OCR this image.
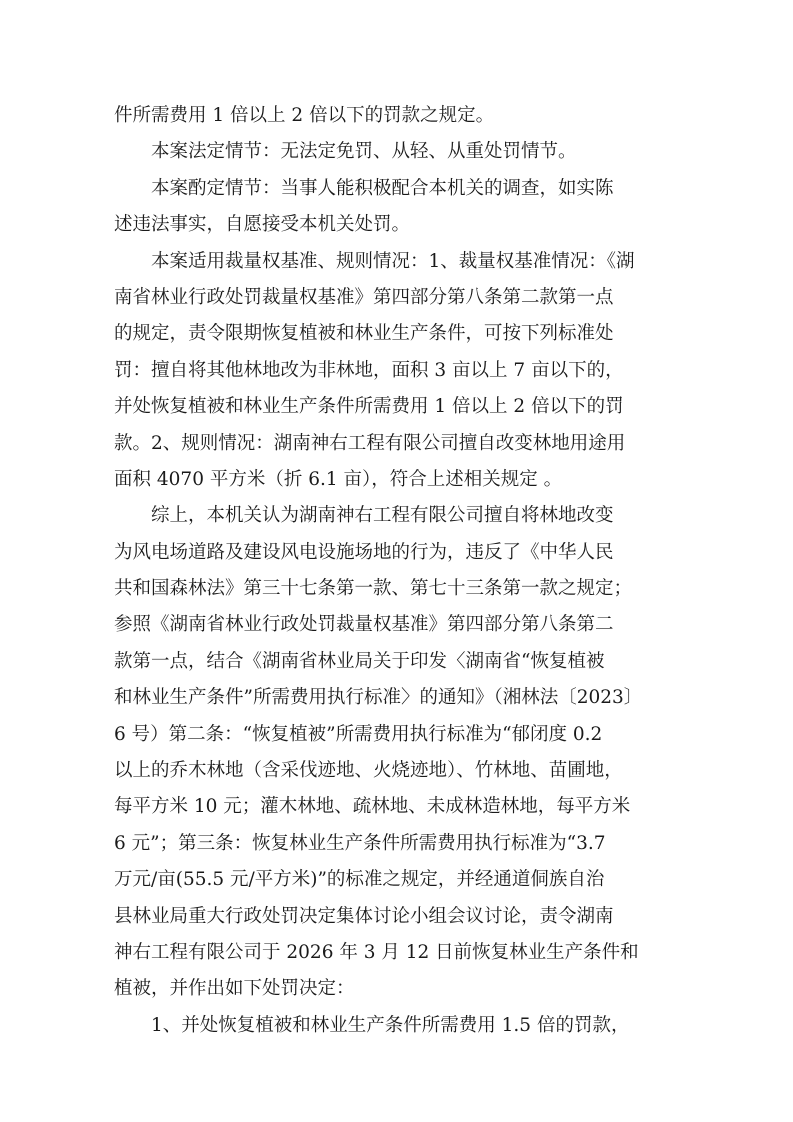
件所需费用 1 倍以上 2 倍以下的罚款之规定。
本案法定情节：无法定免罚、从轻、从重处罚情节。
本案酌定情节：当事人能积极配合本机关的调查，如实陈
述违法事实，自愿接受本机关处罚。
本案适用裁量权基准、规则情况：1、裁量权基准情况：《湖
南省林业行政处罚裁量权基准》第四部分第八条第二款第一点
的规定，责令限期恢复植被和林业生产条件，可按下列标准处
罚：擅自将其他林地改为非林地，面积 3 亩以上 7 亩以下的，
并处恢复植被和林业生产条件所需费用 1 倍以上 2 倍以下的罚
款。2、规则情况：湖南神右工程有限公司擅自改变林地用途用
面积 4070 平方米（折 6.1 亩），符合上述相关规定 。
综上，本机关认为湖南神右工程有限公司擅自将林地改变
为风电场道路及建设风电设施场地的行为，违反了《中华人民
共和国森林法》第三十七条第一款、第七十三条第一款之规定；
参照《湖南省林业行政处罚裁量权基准》第四部分第八条第二
款第一点，结合《湖南省林业局关于印发〈湖南省“恢复植被
和林业生产条件”所需费用执行标准〉的通知》（湘林法〔2023〕
6 号）第二条：“恢复植被”所需费用执行标准为“郁闭度 0.2
以上的乔木林地（含采伐迹地、火烧迹地）、竹林地、苗圃地，
每平方米 10 元；灌木林地、疏林地、未成林造林地，每平方米
6 元”；第三条：恢复林业生产条件所需费用执行标准为“3.7
万元/亩(55.5 元/平方米)”的标准之规定，并经通道侗族自治
县林业局重大行政处罚决定集体讨论小组会议讨论，责令湖南
神右工程有限公司于 2026 年 3 月 12 日前恢复林业生产条件和
植被，并作出如下处罚决定：
1、并处恢复植被和林业生产条件所需费用 1.5 倍的罚款，
